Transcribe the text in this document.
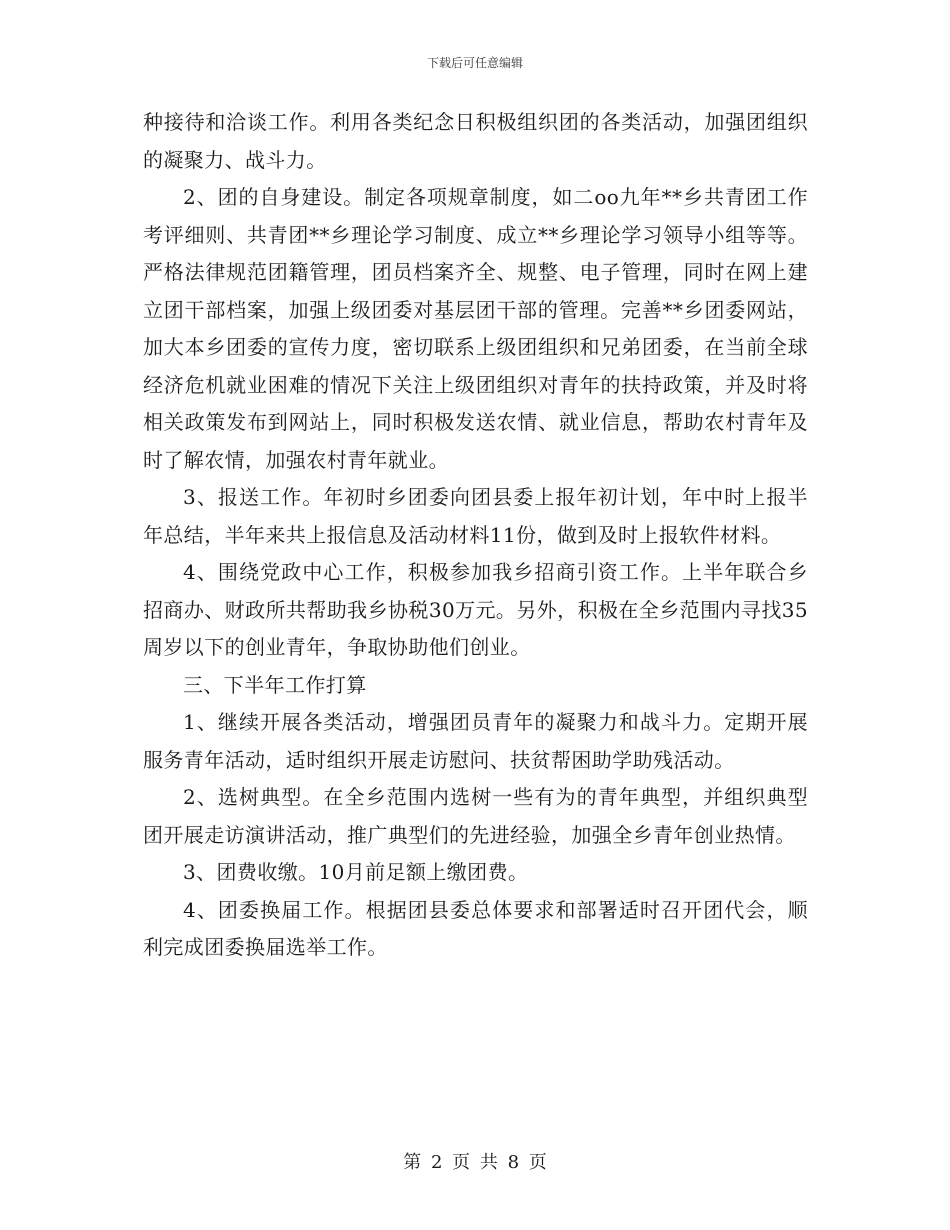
下载后可任意编辑

种接待和洽谈工作。利用各类纪念日积极组织团的各类活动，加强团组织的凝聚力、战斗力。

2、团的自身建设。制定各项规章制度，如二oo九年**乡共青团工作考评细则、共青团**乡理论学习制度、成立**乡理论学习领导小组等等。严格法律规范团籍管理，团员档案齐全、规整、电子管理，同时在网上建立团干部档案，加强上级团委对基层团干部的管理。完善**乡团委网站，加大本乡团委的宣传力度，密切联系上级团组织和兄弟团委，在当前全球经济危机就业困难的情况下关注上级团组织对青年的扶持政策，并及时将相关政策发布到网站上，同时积极发送农情、就业信息，帮助农村青年及时了解农情，加强农村青年就业。

3、报送工作。年初时乡团委向团县委上报年初计划，年中时上报半年总结，半年来共上报信息及活动材料11份，做到及时上报软件材料。

4、围绕党政中心工作，积极参加我乡招商引资工作。上半年联合乡招商办、财政所共帮助我乡协税30万元。另外，积极在全乡范围内寻找35周岁以下的创业青年，争取协助他们创业。

三、下半年工作打算

1、继续开展各类活动，增强团员青年的凝聚力和战斗力。定期开展服务青年活动，适时组织开展走访慰问、扶贫帮困助学助残活动。

2、选树典型。在全乡范围内选树一些有为的青年典型，并组织典型团开展走访演讲活动，推广典型们的先进经验，加强全乡青年创业热情。

3、团费收缴。10月前足额上缴团费。

4、团委换届工作。根据团县委总体要求和部署适时召开团代会，顺利完成团委换届选举工作。

第 2 页 共 8 页
